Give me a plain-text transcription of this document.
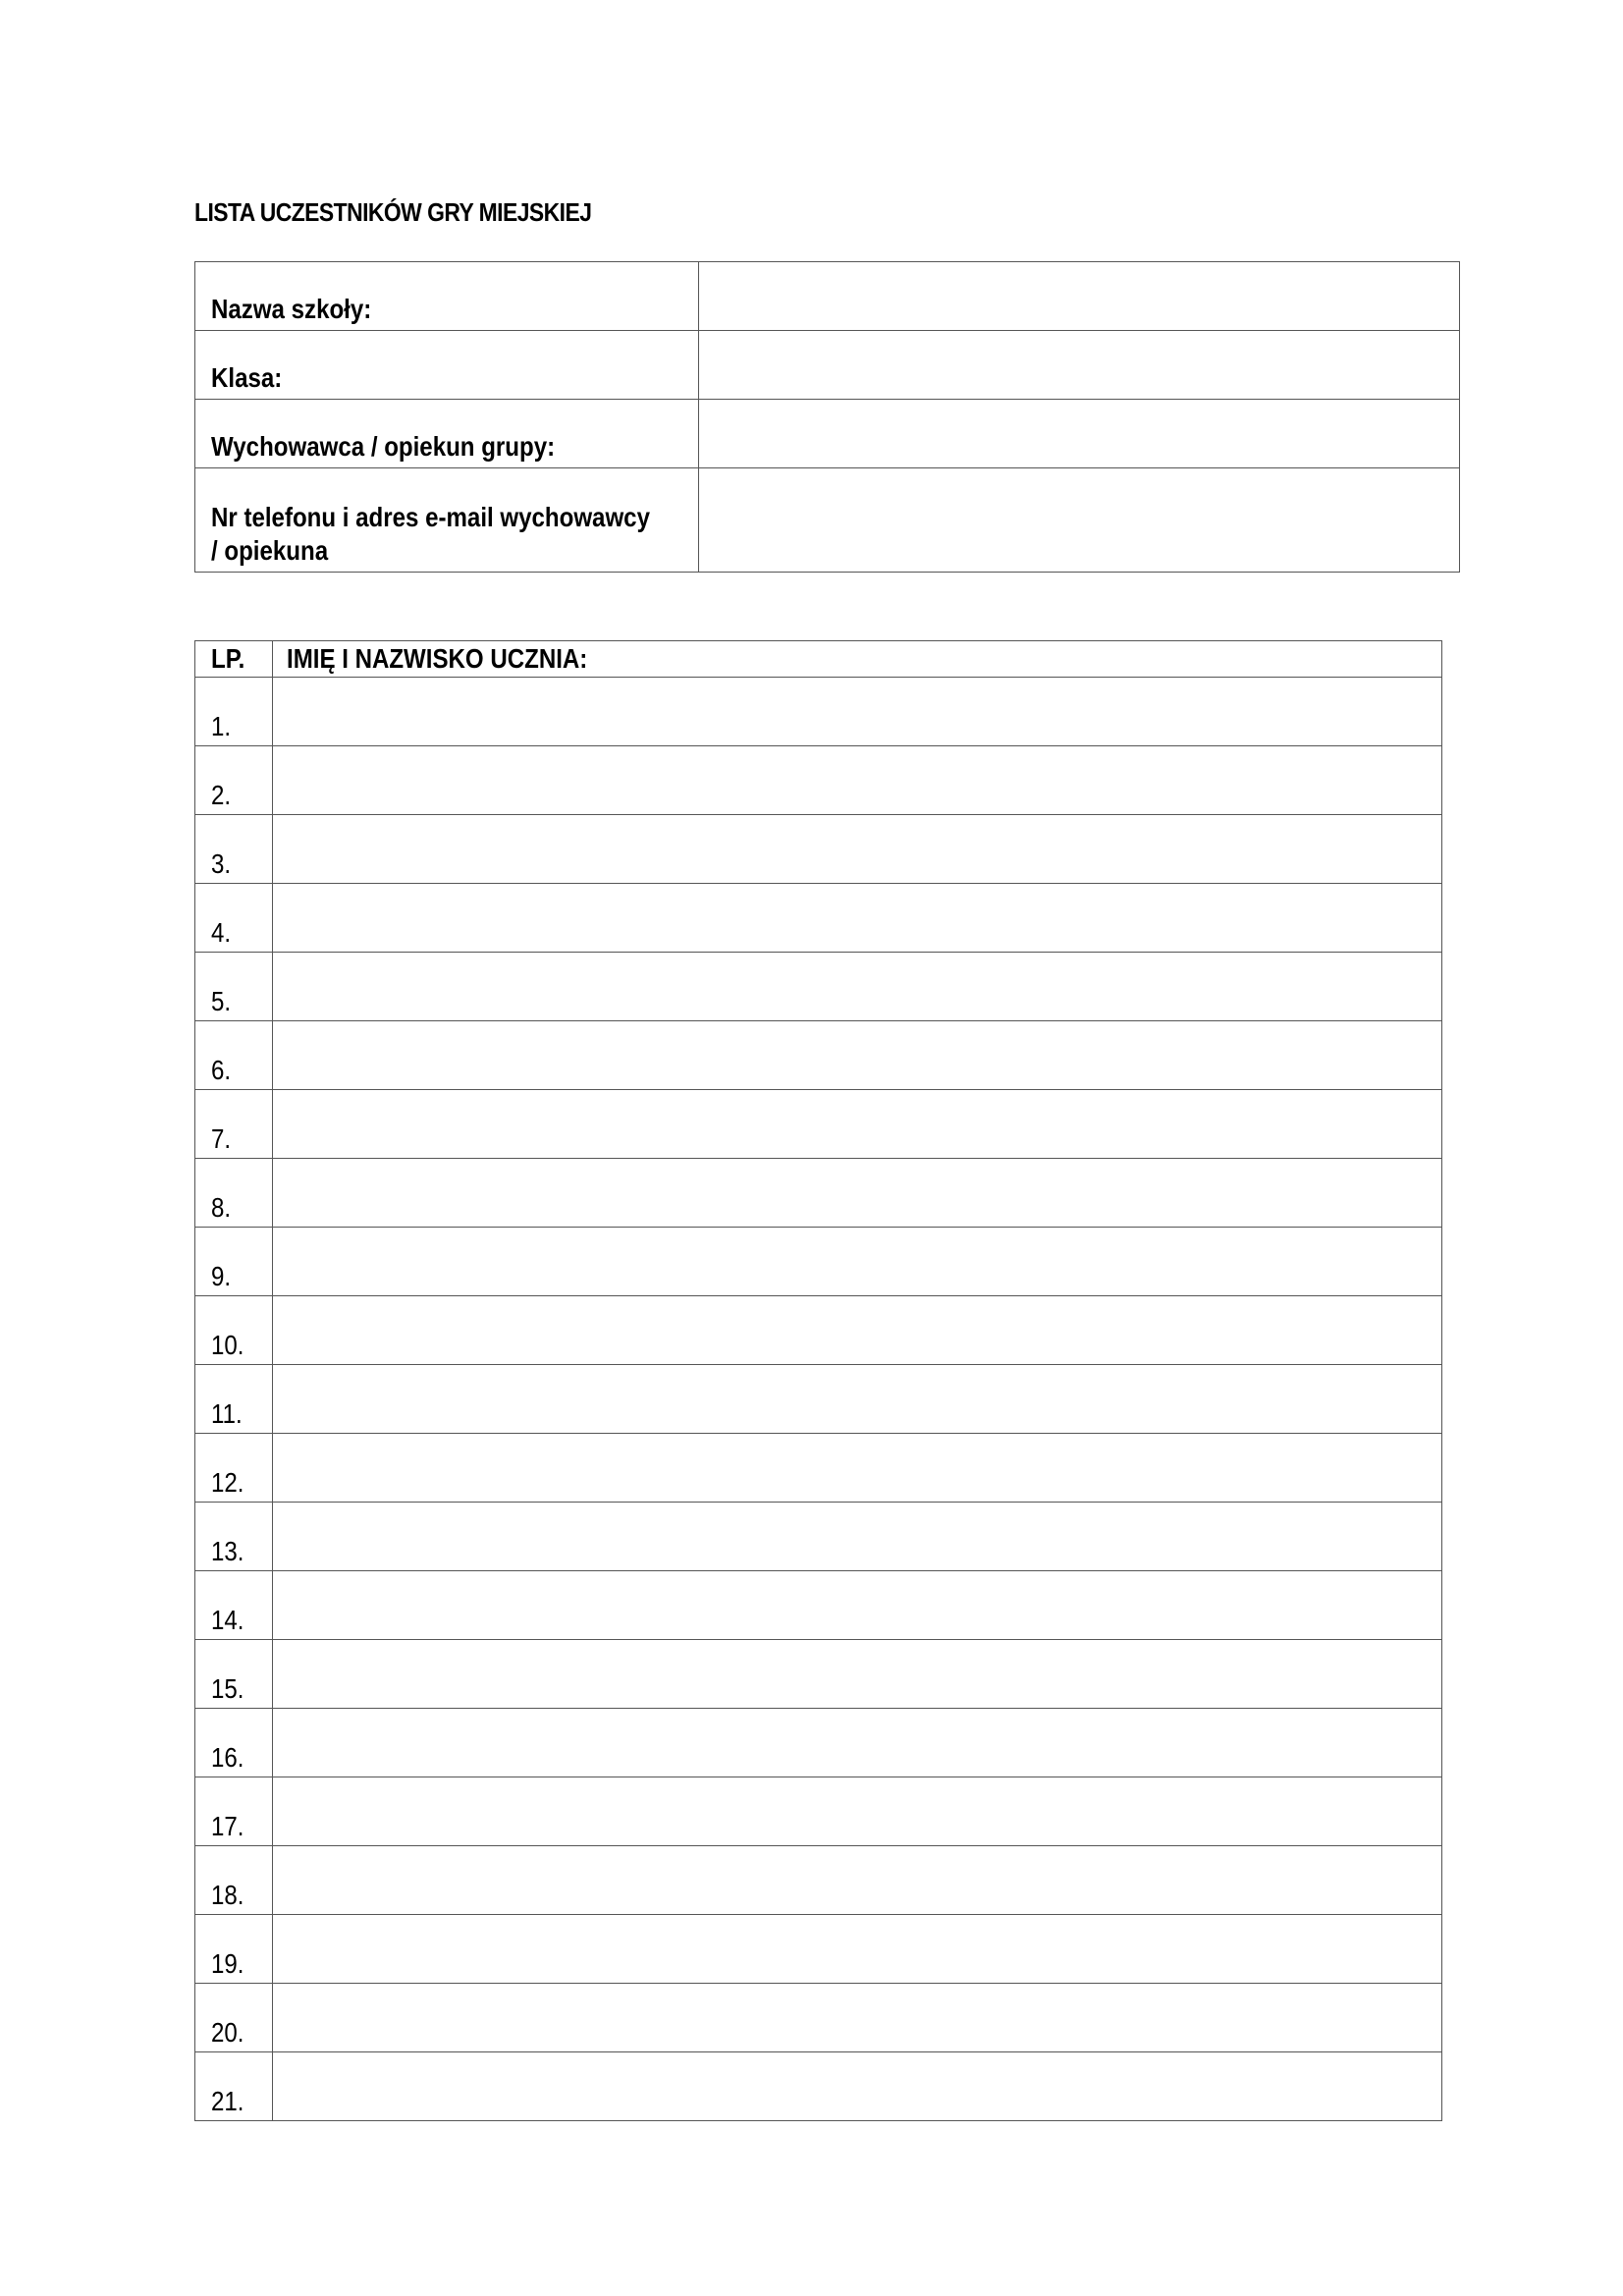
LISTA UCZESTNIKÓW GRY MIEJSKIEJ
Nazwa szkoły:	
Klasa:	
Wychowawca / opiekun grupy:	
Nr telefonu i adres e-mail wychowawcy
/ opiekuna	
LP.	IMIĘ I NAZWISKO UCZNIA:
1.	
2.	
3.	
4.	
5.	
6.	
7.	
8.	
9.	
10.	
11.	
12.	
13.	
14.	
15.	
16.	
17.	
18.	
19.	
20.	
21.	
